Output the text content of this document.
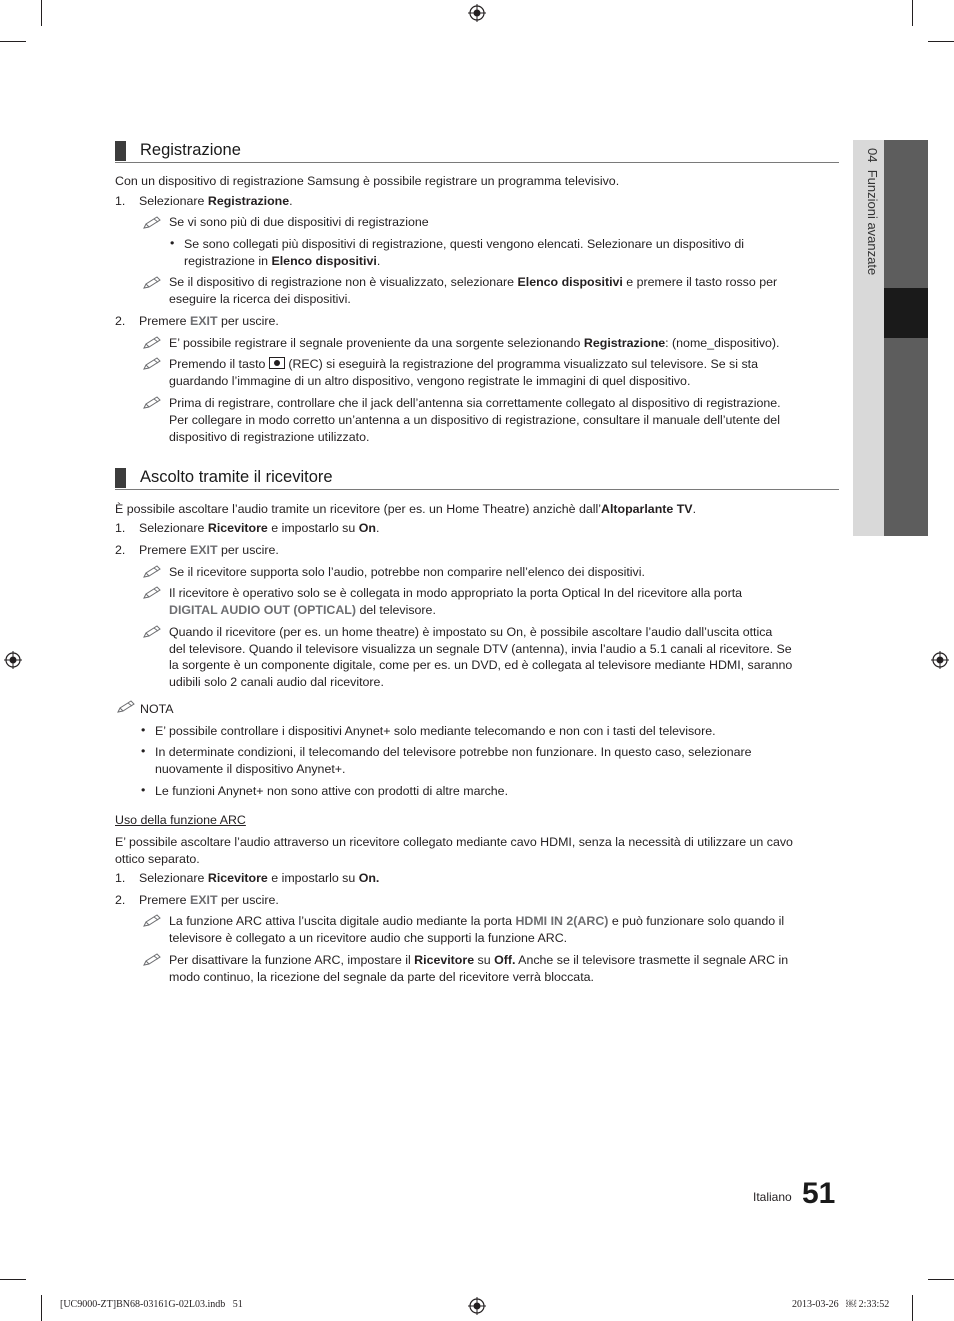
04  Funzioni avanzate
Registrazione
Con un dispositivo di registrazione Samsung è possibile registrare un programma televisivo.
1. Selezionare Registrazione.
Se vi sono più di due dispositivi di registrazione
• Se sono collegati più dispositivi di registrazione, questi vengono elencati. Selezionare un dispositivo di
registrazione in Elenco dispositivi.
Se il dispositivo di registrazione non è visualizzato, selezionare Elenco dispositivi e premere il tasto rosso per
eseguire la ricerca dei dispositivi.
2. Premere EXIT per uscire.
E’ possibile registrare il segnale proveniente da una sorgente selezionando Registrazione: (nome_dispositivo).
Premendo il tasto  (REC) si eseguirà la registrazione del programma visualizzato sul televisore. Se si sta
guardando l’immagine di un altro dispositivo, vengono registrate le immagini di quel dispositivo.
Prima di registrare, controllare che il jack dell’antenna sia correttamente collegato al dispositivo di registrazione.
Per collegare in modo corretto un’antenna a un dispositivo di registrazione, consultare il manuale dell’utente del
dispositivo di registrazione utilizzato.
Ascolto tramite il ricevitore
È possibile ascoltare l’audio tramite un ricevitore (per es. un Home Theatre) anzichè dall’Altoparlante TV.
1. Selezionare Ricevitore e impostarlo su On.
2. Premere EXIT per uscire.
Se il ricevitore supporta solo l’audio, potrebbe non comparire nell’elenco dei dispositivi.
Il ricevitore è operativo solo se è collegata in modo appropriato la porta Optical In del ricevitore alla porta
DIGITAL AUDIO OUT (OPTICAL) del televisore.
Quando il ricevitore (per es. un home theatre) è impostato su On, è possibile ascoltare l’audio dall’uscita ottica
del televisore. Quando il televisore visualizza un segnale DTV (antenna), invia l’audio a 5.1 canali al ricevitore. Se
la sorgente è un componente digitale, come per es. un DVD, ed è collegata al televisore mediante HDMI, saranno
udibili solo 2 canali audio dal ricevitore.
NOTA
• E’ possibile controllare i dispositivi Anynet+ solo mediante telecomando e non con i tasti del televisore.
• In determinate condizioni, il telecomando del televisore potrebbe non funzionare. In questo caso, selezionare
nuovamente il dispositivo Anynet+.
• Le funzioni Anynet+ non sono attive con prodotti di altre marche.
Uso della funzione ARC
E’ possibile ascoltare l’audio attraverso un ricevitore collegato mediante cavo HDMI, senza la necessità di utilizzare un cavo
ottico separato.
1. Selezionare Ricevitore e impostarlo su On.
2. Premere EXIT per uscire.
La funzione ARC attiva l’uscita digitale audio mediante la porta HDMI IN 2(ARC) e può funzionare solo quando il
televisore è collegato a un ricevitore audio che supporti la funzione ARC.
Per disattivare la funzione ARC, impostare il Ricevitore su Off. Anche se il televisore trasmette il segnale ARC in
modo continuo, la ricezione del segnale da parte del ricevitore verrà bloccata.
Italiano 51
[UC9000-ZT]BN68-03161G-02L03.indb   51	2013-03-26   ￼ 2:33:52
